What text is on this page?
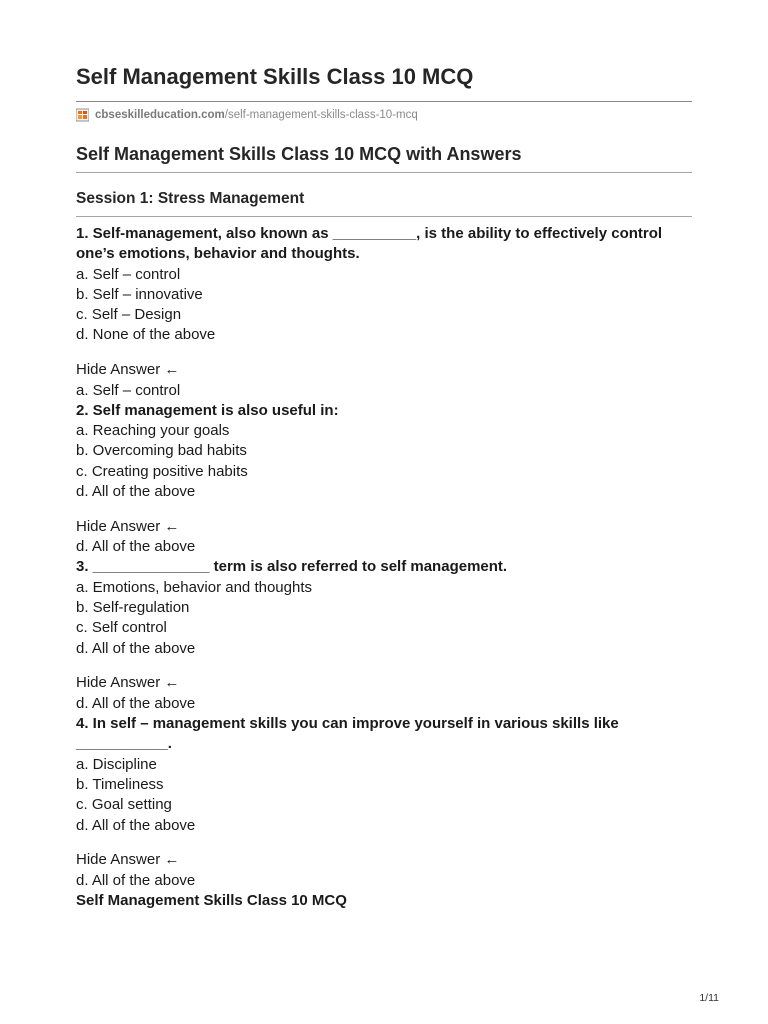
Self Management Skills Class 10 MCQ
cbseskilleducation.com /self-management-skills-class-10-mcq
Self Management Skills Class 10 MCQ with Answers
Session 1: Stress Management

1. Self-management, also known as __________, is the ability to effectively control one’s emotions, behavior and thoughts.

a. Self – control

b. Self – innovative

c. Self – Design

d. None of the above

Hide Answer ←

a. Self – control

2. Self management is also useful in:

a. Reaching your goals

b. Overcoming bad habits

c. Creating positive habits

d. All of the above

Hide Answer ←

d. All of the above

3. ______________ term is also referred to self management.

a. Emotions, behavior and thoughts

b. Self-regulation

c. Self control

d. All of the above

Hide Answer ←

d. All of the above

4. In self – management skills you can improve yourself in various skills like ___________.

a. Discipline

b. Timeliness

c. Goal setting

d. All of the above

Hide Answer ←

d. All of the above

Self Management Skills Class 10 MCQ

1/11
